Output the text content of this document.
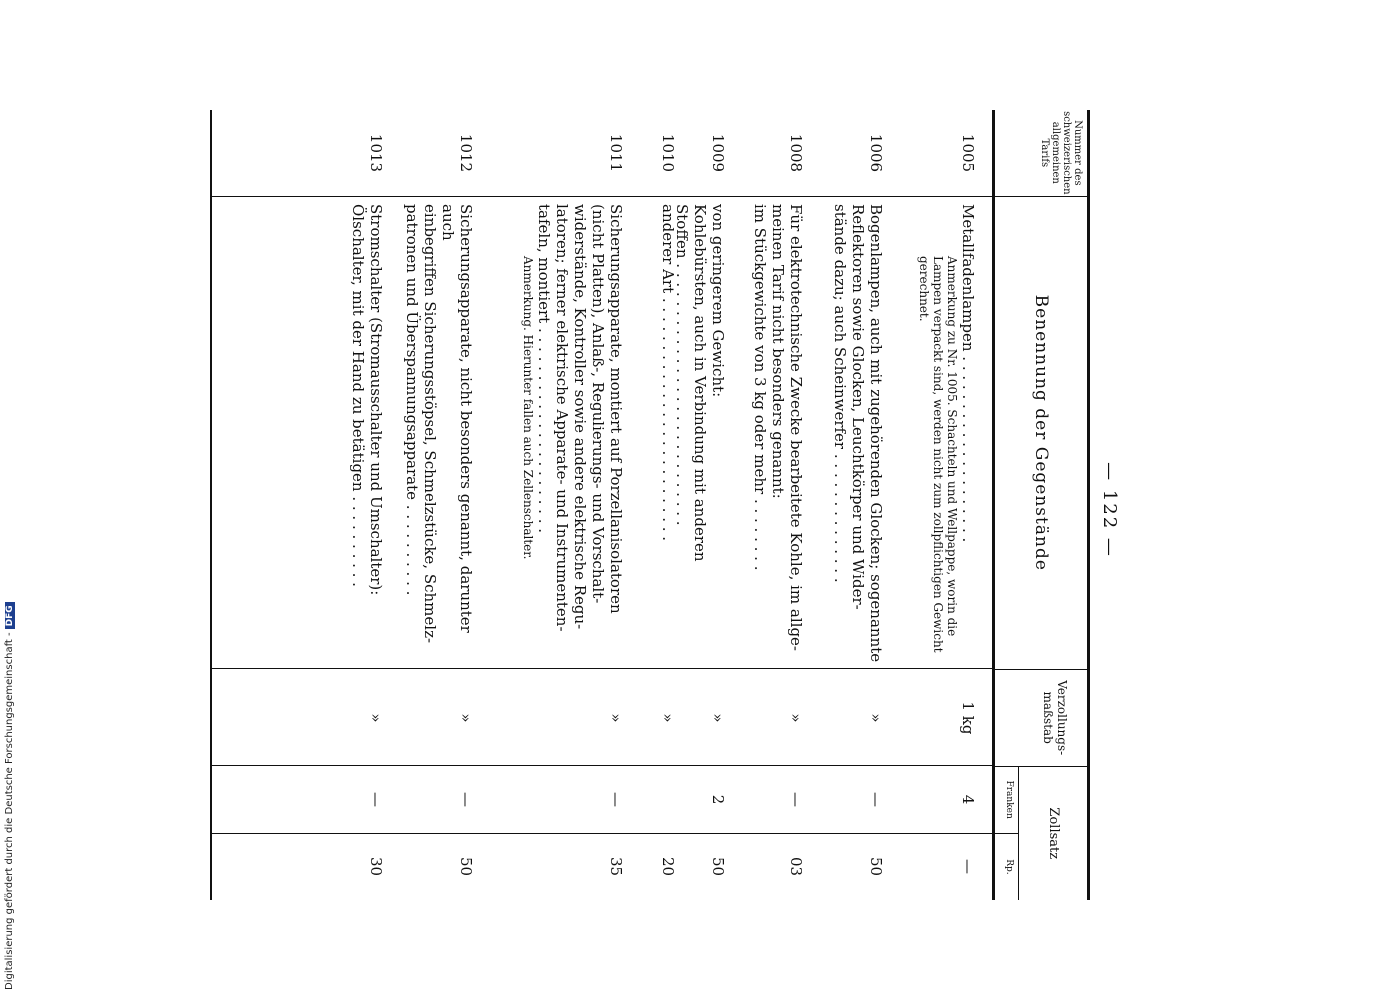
— 122 —
Nummer des schweizerischen allgemeinen Tarifs
Benennung der Gegenstände
Verzollungs-maßstab
Zollsatz
Franken
Rp.
1005
Metallfadenlampen . . . . . . . . . . . . . . . . . . . .
Anmerkung zu Nr. 1005. Schachteln und Wellpappe, worin die Lampen verpackt sind, werden nicht zum zollpflichtigen Gewicht gerechnet.
1 kg
4
—
1006
Bogenlampen, auch mit zugehörenden Glocken; sogenannte
Reflektoren sowie Glocken, Leuchtkörper und Wider-
stände dazu; auch Scheinwerfer . . . . . . . . . . . . . .
»
—
50
1008
Für elektrotechnische Zwecke bearbeitete Kohle, im allge-
meinen Tarif nicht besonders genannt:
im Stückgewichte von 3 kg oder mehr . . . . . . . .
»
—
03
1009
von geringerem Gewicht:
Kohlebürsten, auch in Verbindung mit anderen
Stoffen . . . . . . . . . . . . . . . . . . . . . . . . . . . .
»
2
50
1010
anderer Art . . . . . . . . . . . . . . . . . . . . . . . . . .
»
20
1011
Sicherungsapparate, montiert auf Porzellanisolatoren
(nicht Platten), Anlaß-, Regulierungs- und Vorschalt-
widerstände, Kontroller sowie andere elektrische Regu-
latoren; ferner elektrische Apparate- und Instrumenten-
tafeln, montiert . . . . . . . . . . . . . . . . . . . . . .
Anmerkung. Hierunter fallen auch Zellenschalter.
»
—
35
1012
Sicherungsapparate, nicht besonders genannt, darunter auch
einbegriffen Sicherungsstöpsel, Schmelzstücke, Schmelz-
patronen und Überspannungsapparate . . . . . . . . . .
»
—
50
1013
Stromschalter (Stromausschalter und Umschalter):
Ölschalter, mit der Hand zu betätigen . . . . . . . . . .
»
—
30
Digitalisierung gefördert durch die Deutsche Forschungsgemeinschaft -DFG
